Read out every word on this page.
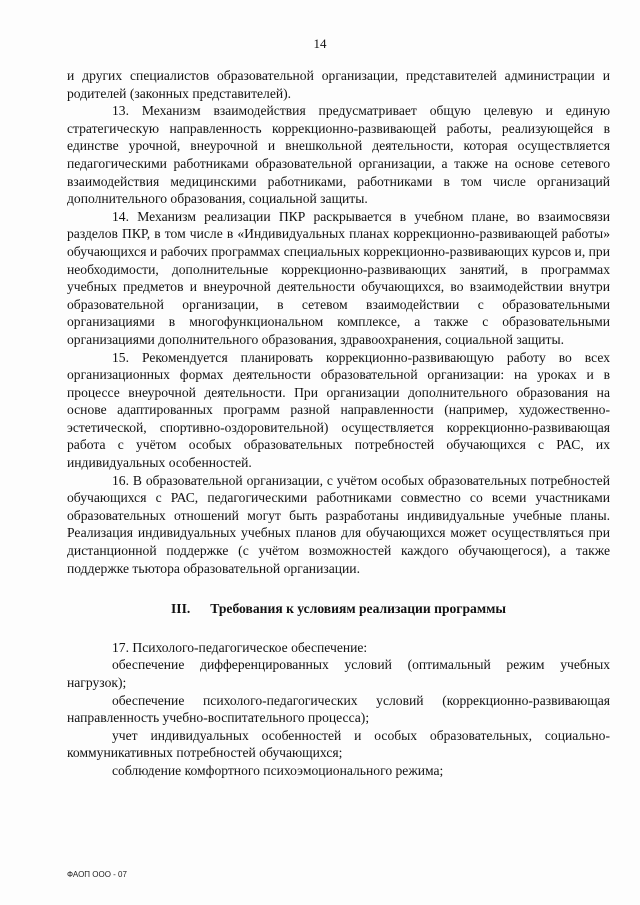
14

и других специалистов образовательной организации, представителей администрации и родителей (законных представителей).

13. Механизм взаимодействия предусматривает общую целевую и единую стратегическую направленность коррекционно-развивающей работы, реализующейся в единстве урочной, внеурочной и внешкольной деятельности, которая осуществляется педагогическими работниками образовательной организации, а также на основе сетевого взаимодействия медицинскими работниками, работниками в том числе организаций дополнительного образования, социальной защиты.

14. Механизм реализации ПКР раскрывается в учебном плане, во взаимосвязи разделов ПКР, в том числе в «Индивидуальных планах коррекционно-развивающей работы» обучающихся и рабочих программах специальных коррекционно-развивающих курсов и, при необходимости, дополнительные коррекционно-развивающих занятий, в программах учебных предметов и внеурочной деятельности обучающихся, во взаимодействии внутри образовательной организации, в сетевом взаимодействии с образовательными организациями в многофункциональном комплексе, а также с образовательными организациями дополнительного образования, здравоохранения, социальной защиты.

15. Рекомендуется планировать коррекционно-развивающую работу во всех организационных формах деятельности образовательной организации: на уроках и в процессе внеурочной деятельности. При организации дополнительного образования на основе адаптированных программ разной направленности (например, художественно-эстетической, спортивно-оздоровительной) осуществляется коррекционно-развивающая работа с учётом особых образовательных потребностей обучающихся с РАС, их индивидуальных особенностей.

16. В образовательной организации, с учётом особых образовательных потребностей обучающихся с РАС, педагогическими работниками совместно со всеми участниками образовательных отношений могут быть разработаны индивидуальные учебные планы. Реализация индивидуальных учебных планов для обучающихся может осуществляться при дистанционной поддержке (с учётом возможностей каждого обучающегося), а также поддержке тьютора образовательной организации.

III. Требования к условиям реализации программы

17. Психолого-педагогическое обеспечение:

обеспечение дифференцированных условий (оптимальный режим учебных нагрузок);

обеспечение психолого-педагогических условий (коррекционно-развивающая направленность учебно-воспитательного процесса);

учет индивидуальных особенностей и особых образовательных, социально-коммуникативных потребностей обучающихся;

соблюдение комфортного психоэмоционального режима;

ФАОП ООО - 07
